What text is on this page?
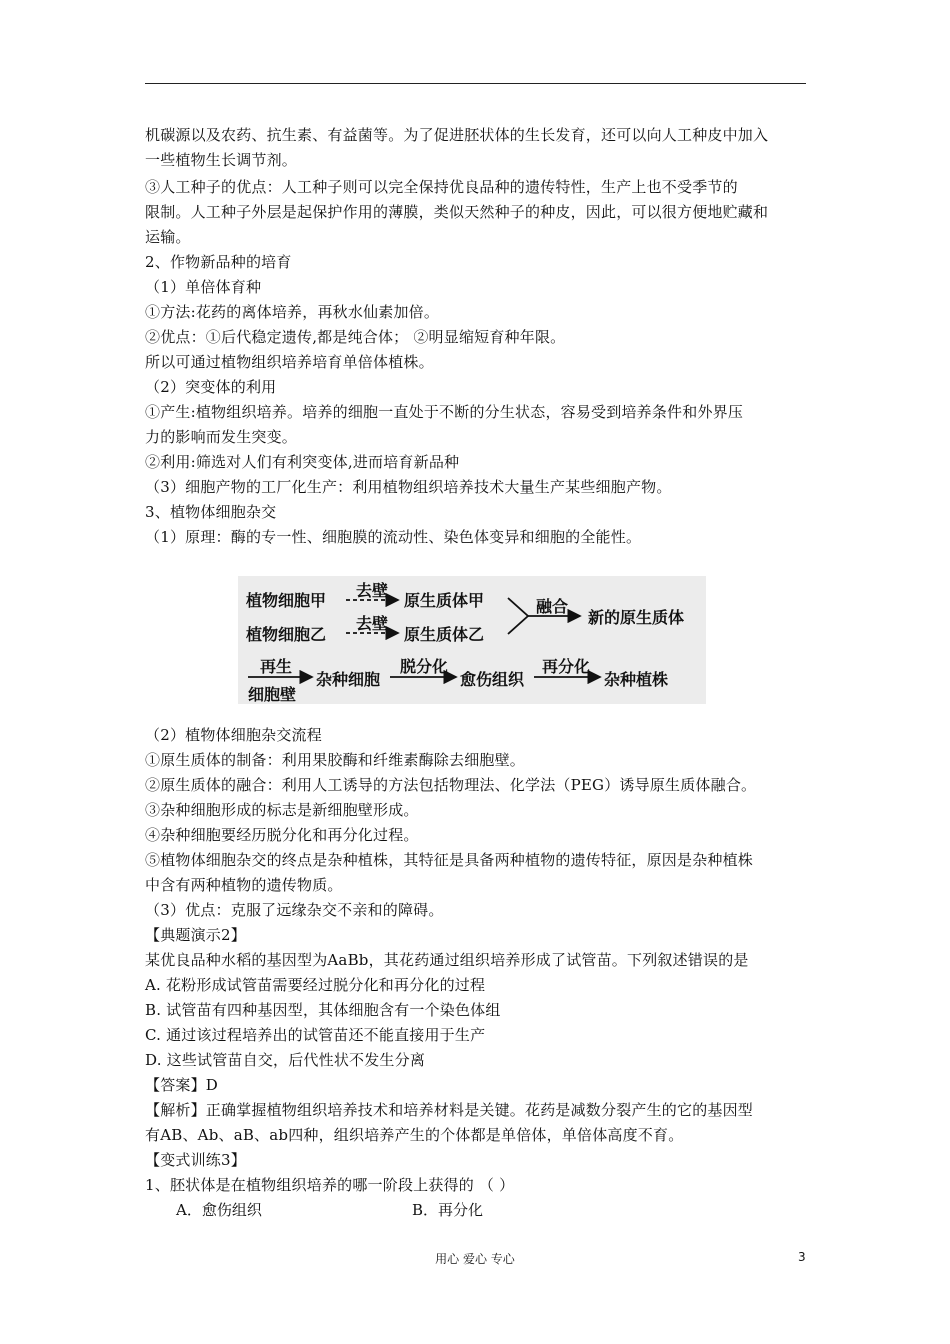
机碳源以及农药、抗生素、有益菌等。为了促进胚状体的生长发育，还可以向人工种皮中加入
一些植物生长调节剂。
③人工种子的优点：人工种子则可以完全保持优良品种的遗传特性，生产上也不受季节的
限制。人工种子外层是起保护作用的薄膜，类似天然种子的种皮，因此，可以很方便地贮藏和
运输。
2、作物新品种的培育
（1）单倍体育种
①方法:花药的离体培养，再秋水仙素加倍。
②优点：①后代稳定遗传,都是纯合体； ②明显缩短育种年限。
所以可通过植物组织培养培育单倍体植株。
（2）突变体的利用
①产生:植物组织培养。培养的细胞一直处于不断的分生状态，容易受到培养条件和外界压
力的影响而发生突变。
②利用:筛选对人们有利突变体,进而培育新品种
（3）细胞产物的工厂化生产：利用植物组织培养技术大量生产某些细胞产物。
3、植物体细胞杂交
（1）原理：酶的专一性、细胞膜的流动性、染色体变异和细胞的全能性。
植物细胞甲
植物细胞乙
去壁
去壁
原生质体甲
原生质体乙
融合
新的原生质体
再生
细胞壁
杂种细胞
脱分化
愈伤组织
再分化
杂种植株
（2）植物体细胞杂交流程
①原生质体的制备：利用果胶酶和纤维素酶除去细胞壁。
②原生质体的融合：利用人工诱导的方法包括物理法、化学法（PEG）诱导原生质体融合。
③杂种细胞形成的标志是新细胞壁形成。
④杂种细胞要经历脱分化和再分化过程。
⑤植物体细胞杂交的终点是杂种植株，其特征是具备两种植物的遗传特征，原因是杂种植株
中含有两种植物的遗传物质。
（3）优点：克服了远缘杂交不亲和的障碍。
【典题演示2】
某优良品种水稻的基因型为AaBb，其花药通过组织培养形成了试管苗。下列叙述错误的是
A. 花粉形成试管苗需要经过脱分化和再分化的过程
B. 试管苗有四种基因型，其体细胞含有一个染色体组
C. 通过该过程培养出的试管苗还不能直接用于生产
D. 这些试管苗自交，后代性状不发生分离
【答案】D
【解析】正确掌握植物组织培养技术和培养材料是关键。花药是减数分裂产生的它的基因型
有AB、Ab、aB、ab四种，组织培养产生的个体都是单倍体，单倍体高度不育。
【变式训练3】
1、胚状体是在植物组织培养的哪一阶段上获得的 （ ）
A．愈伤组织	B．再分化
用心 爱心 专心	3
